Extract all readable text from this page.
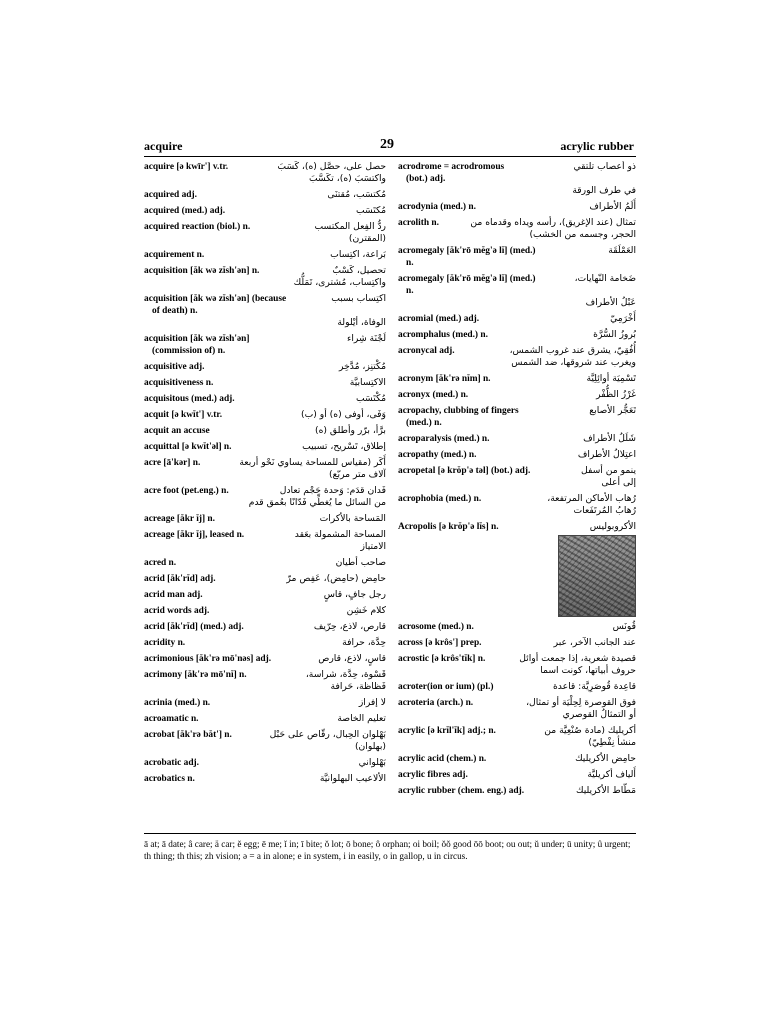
acquire	29	acrylic rubber
acquire [ə kwīr'] v.tr.	حصل على، حصَّل (ه)، كَسَبَ
واكتسَبَ (ه)، تكَسَّبَ
acquired adj.	مُكتسَب، مُقتنَى
acquired (med.) adj.	مُكتَسَب
acquired reaction (biol.) n.	ردُّ الفِعل المكتسب
(المقترن)
acquirement n.	بَراعة، اكتِساب
acquisition [ăk wə zĭsh'ən] n.	تحصيل، كَسْبٌ
واكتِساب، مُشترى، تَمَلُّك
acquisition [ăk wə zĭsh'ən] (because	اكتِساب بسبب
of death) n.
الوفاة، أيْلولة
acquisition [ăk wə zĭsh'ən]	لَجْنَة شِراء
(commission of) n.
acquisitive adj.	مُكْتنِز، مُدَّخِر
acquisitiveness n.	الاكتِسابيَّة
acquisitous (med.) adj.	مُكْتَسَب
acquit [ə kwĭt'] v.tr.	وَفَى، أوفى (ه) أو (ب)
acquit an accuse	برَّأ، برّر وأطلق (ه)
acquittal [ə kwĭt'əl] n.	إطلاق، تَسْريح، تسبيب
acre [ā'kər] n.	أَكَر (مقياس للمساحة يساوي نَحْو أربعة
آلاف متر مربّع)
acre foot (pet.eng.) n.	فَدان قدَم: وَحدة حَجْم تعادل
من السائل ما يُغطِّي فَدّانًا بعُمق قدم
acreage [ăkr ĭj] n.	المَساحة بالأكرات
acreage [ăkr ĭj], leased n.	المساحة المشمولة بعَقد
الامتياز
acred n.	صاحب أطيان
acrid [ăk'rĭd] adj.	حامِض (حامِض)، عَفِص مرّ
acrid man adj.	رجل جافٍ، قاسٍ
acrid words adj.	كلام خَشِن
acrid [ăk'rĭd] (med.) adj.	قارص، لاذع، حِرّيف
acridity n.	حِدَّة، حرافة
acrimonious [ăk'rə mō'nəs] adj.	قاسٍ، لاذع، قارص
acrimony [ăk'rə mō'nĭ] n.	قَسْوة، حِدَّة، شراسة،
فَظاظة، حَرافة
acrinia (med.) n.	لا إفراز
acroamatic n.	تعليم الخاصة
acrobat [ăk'rə băt'] n.	بَهْلوان الحِبال، رقّاص على حَبْل
(بهلوان)
acrobatic adj.	بَهْلواني
acrobatics n.	الألاعيب البهلوانيَّة
acrodrome = acrodromous	ذو أعصاب تلتقي
(bot.) adj.
في طرف الورقة
acrodynia (med.) n.	أَلَمُ الأطراف
acrolith n.	تمثال (عند الإغريق)، رأسه ويداه وقدماه من
الحجر، وجسمه من الخشب)
acromegaly [ăk'rō mĕg'ə lĭ] (med.)	العَمْلَقَة
n.
acromegaly [ăk'rō mĕg'ə lĭ] (med.)	ضَخامة النّهايات،
n.
عَبْلُ الأطراف
acromial (med.) adj.	أَخْرَمِيّ
acromphalus (med.) n.	بُروزُ السُّرَّة
acronycal adj.	أُفُقِيّ، يشرق عند غروب الشمس،
ويغرب عند شروقها، ضد الشمس
acronym [ăk'rə nĭm] n.	تَسْمِيَة أوائِلِيَّة
acronyx (med.) n.	غَرْزُ الظُّفْر
acropachy, clubbing of fingers	تَعَجُّر الأصابع
(med.) n.
acroparalysis (med.) n.	شَلَلُ الأطراف
acropathy (med.) n.	اعتِلالُ الأطراف
acropetal [ə krŏp'ə təl] (bot.) adj.	ينمو من أسفل
إلى أعلى
acrophobia (med.) n.	رُهاب الأماكن المرتفعة،
رُهابُ المُرتَفَعات
Acropolis [ə krŏp'ə lĭs] n.	الأكروبوليس
acrosome (med.) n.	قُونَس
across [ə krôs'] prep.	عند الجانب الآخر، عبر
acrostic [ə krôs'tĭk] n.	قصيدة شعرية، إذا جمعت أوائل
حروف أبياتها، كونت اسما
acroter(ion or ium) (pl.)	قاعِدة قُوصَرِيَّة: قاعدة
acroteria (arch.) n.	فوق القوصرة لِحِلْيَة أو تمثال،
أو التمثالُ القوصري
acrylic [ə krĭl'ĭk] adj.; n.	أكريليك (مادة صُنْعِيَّة من
منشأ نِفْطِيّ)
acrylic acid (chem.) n.	حامِض الأكريليك
acrylic fibres adj.	أَلياف أكريليَّة
acrylic rubber (chem. eng.) adj.	مَطّاط الأكريليك
ā at; ā date; â care; ä car; ĕ egg; ē me; ĭ in; ī bite; ŏ lot; ō bone; ô orphan; oi boil; ŏŏ good ōō boot; ou out; ŭ under; ū unity; û urgent; th thing; th this; zh vision; ə = a in alone; e in system, i in easily, o in gallop, u in circus.
